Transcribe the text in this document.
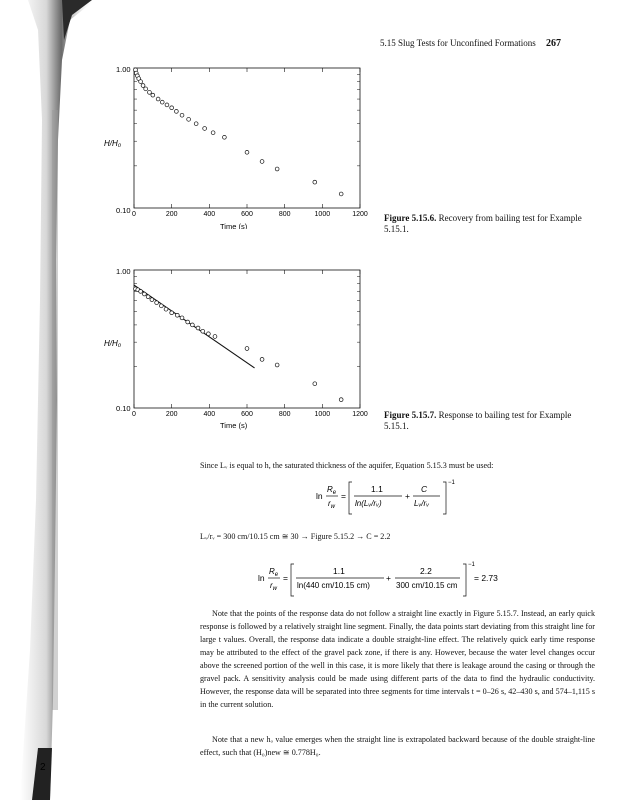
2
5.15 Slug Tests for Unconfined Formations 267
1.00
0.10
H/H₀
Time (s)
0	200	400	600	800	1000	1200 Figure 5.15.6. Recovery from bailing test for Example 5.15.1.
1.00
0.10
H/H₀
Time (s)
0	200	400	600	800	1000	1200 Figure 5.15.7. Response to bailing test for Example 5.15.1.
Since Lᵥ is equal to h, the saturated thickness of the aquifer, Equation 5.15.3 must be used:
ln
$R_e$
$r_w$
=
1.1
ln(Lᵥ/rᵥ)
+
C
Lᵥ/rᵥ
−1
Lᵥ/rᵥ = 300 cm/10.15 cm ≅ 30 → Figure 5.15.2 → C = 2.2
ln
$R_e$
$r_w$
=
1.1
ln(440 cm/10.15 cm)
+
2.2
300 cm/10.15 cm
−1
= 2.73
Note that the points of the response data do not follow a straight line exactly in Figure 5.15.7. Instead, an early quick response is followed by a relatively straight line segment. Finally, the data points start deviating from this straight line for large t values. Overall, the response data indicate a double straight-line effect. The relatively quick early time response may be attributed to the effect of the gravel pack zone, if there is any. However, because the water level changes occur above the screened portion of the well in this case, it is more likely that there is leakage around the casing or through the gravel pack. A sensitivity analysis could be made using different parts of the data to find the hydraulic conductivity. However, the response data will be separated into three segments for time intervals t = 0–26 s, 42–430 s, and 574–1,115 s in the current solution.
Note that a new hₒ value emerges when the straight line is extrapolated backward because of the double straight-line effect, such that (H₀)new ≅ 0.778H₀.
